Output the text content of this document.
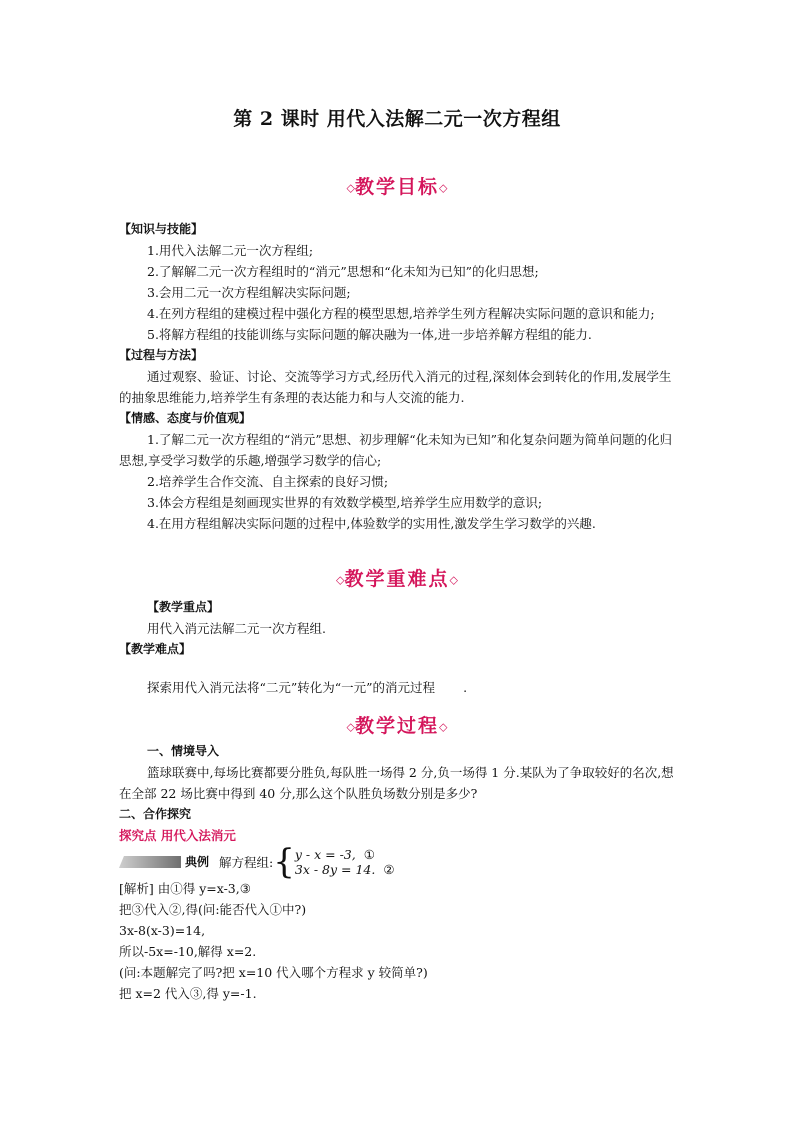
第 2 课时 用代入法解二元一次方程组
◇教学目标◇

【知识与技能】

1.用代入法解二元一次方程组;

2.了解解二元一次方程组时的“消元”思想和“化未知为已知”的化归思想;

3.会用二元一次方程组解决实际问题;

4.在列方程组的建模过程中强化方程的模型思想,培养学生列方程解决实际问题的意识和能力;

5.将解方程组的技能训练与实际问题的解决融为一体,进一步培养解方程组的能力.

【过程与方法】

通过观察、验证、讨论、交流等学习方式,经历代入消元的过程,深刻体会到转化的作用,发展学生的抽象思维能力,培养学生有条理的表达能力和与人交流的能力.

【情感、态度与价值观】

1.了解二元一次方程组的“消元”思想、初步理解“化未知为已知”和化复杂问题为简单问题的化归思想,享受学习数学的乐趣,增强学习数学的信心;

2.培养学生合作交流、自主探索的良好习惯;

3.体会方程组是刻画现实世界的有效数学模型,培养学生应用数学的意识;

4.在用方程组解决实际问题的过程中,体验数学的实用性,激发学生学习数学的兴趣.

◇教学重难点◇

【教学重点】

用代入消元法解二元一次方程组.

【教学难点】

探索用代入消元法将“二元”转化为“一元”的消元过程 .

◇教学过程◇

一、情境导入

篮球联赛中,每场比赛都要分胜负,每队胜一场得 2 分,负一场得 1 分.某队为了争取较好的名次,想在全部 22 场比赛中得到 40 分,那么这个队胜负场数分别是多少?

二、合作探究

探究点 用代入法消元

典例 解方程组: { y - x = -3, ①
3x - 8y = 14. ②

[解析] 由①得 y=x-3,③

把③代入②,得(问:能否代入①中?)

3x-8(x-3)=14,

所以-5x=-10,解得 x=2.

(问:本题解完了吗?把 x=10 代入哪个方程求 y 较简单?)

把 x=2 代入③,得 y=-1.
